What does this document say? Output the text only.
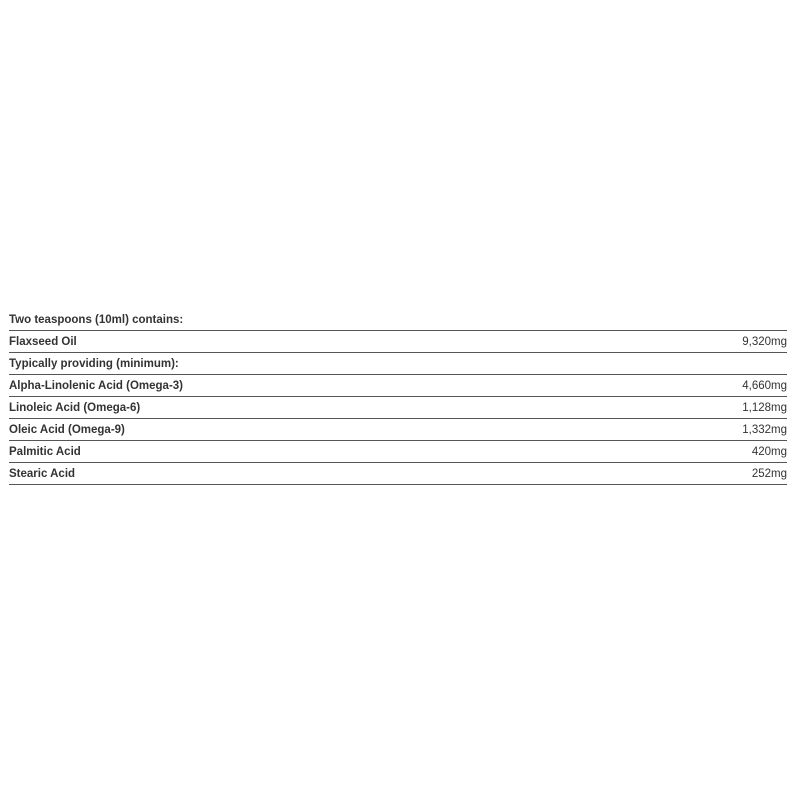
Two teaspoons (10ml) contains:	
Flaxseed Oil	9,320mg
Typically providing (minimum):	
Alpha-Linolenic Acid (Omega-3)	4,660mg
Linoleic Acid (Omega-6)	1,128mg
Oleic Acid (Omega-9)	1,332mg
Palmitic Acid	420mg
Stearic Acid	252mg
